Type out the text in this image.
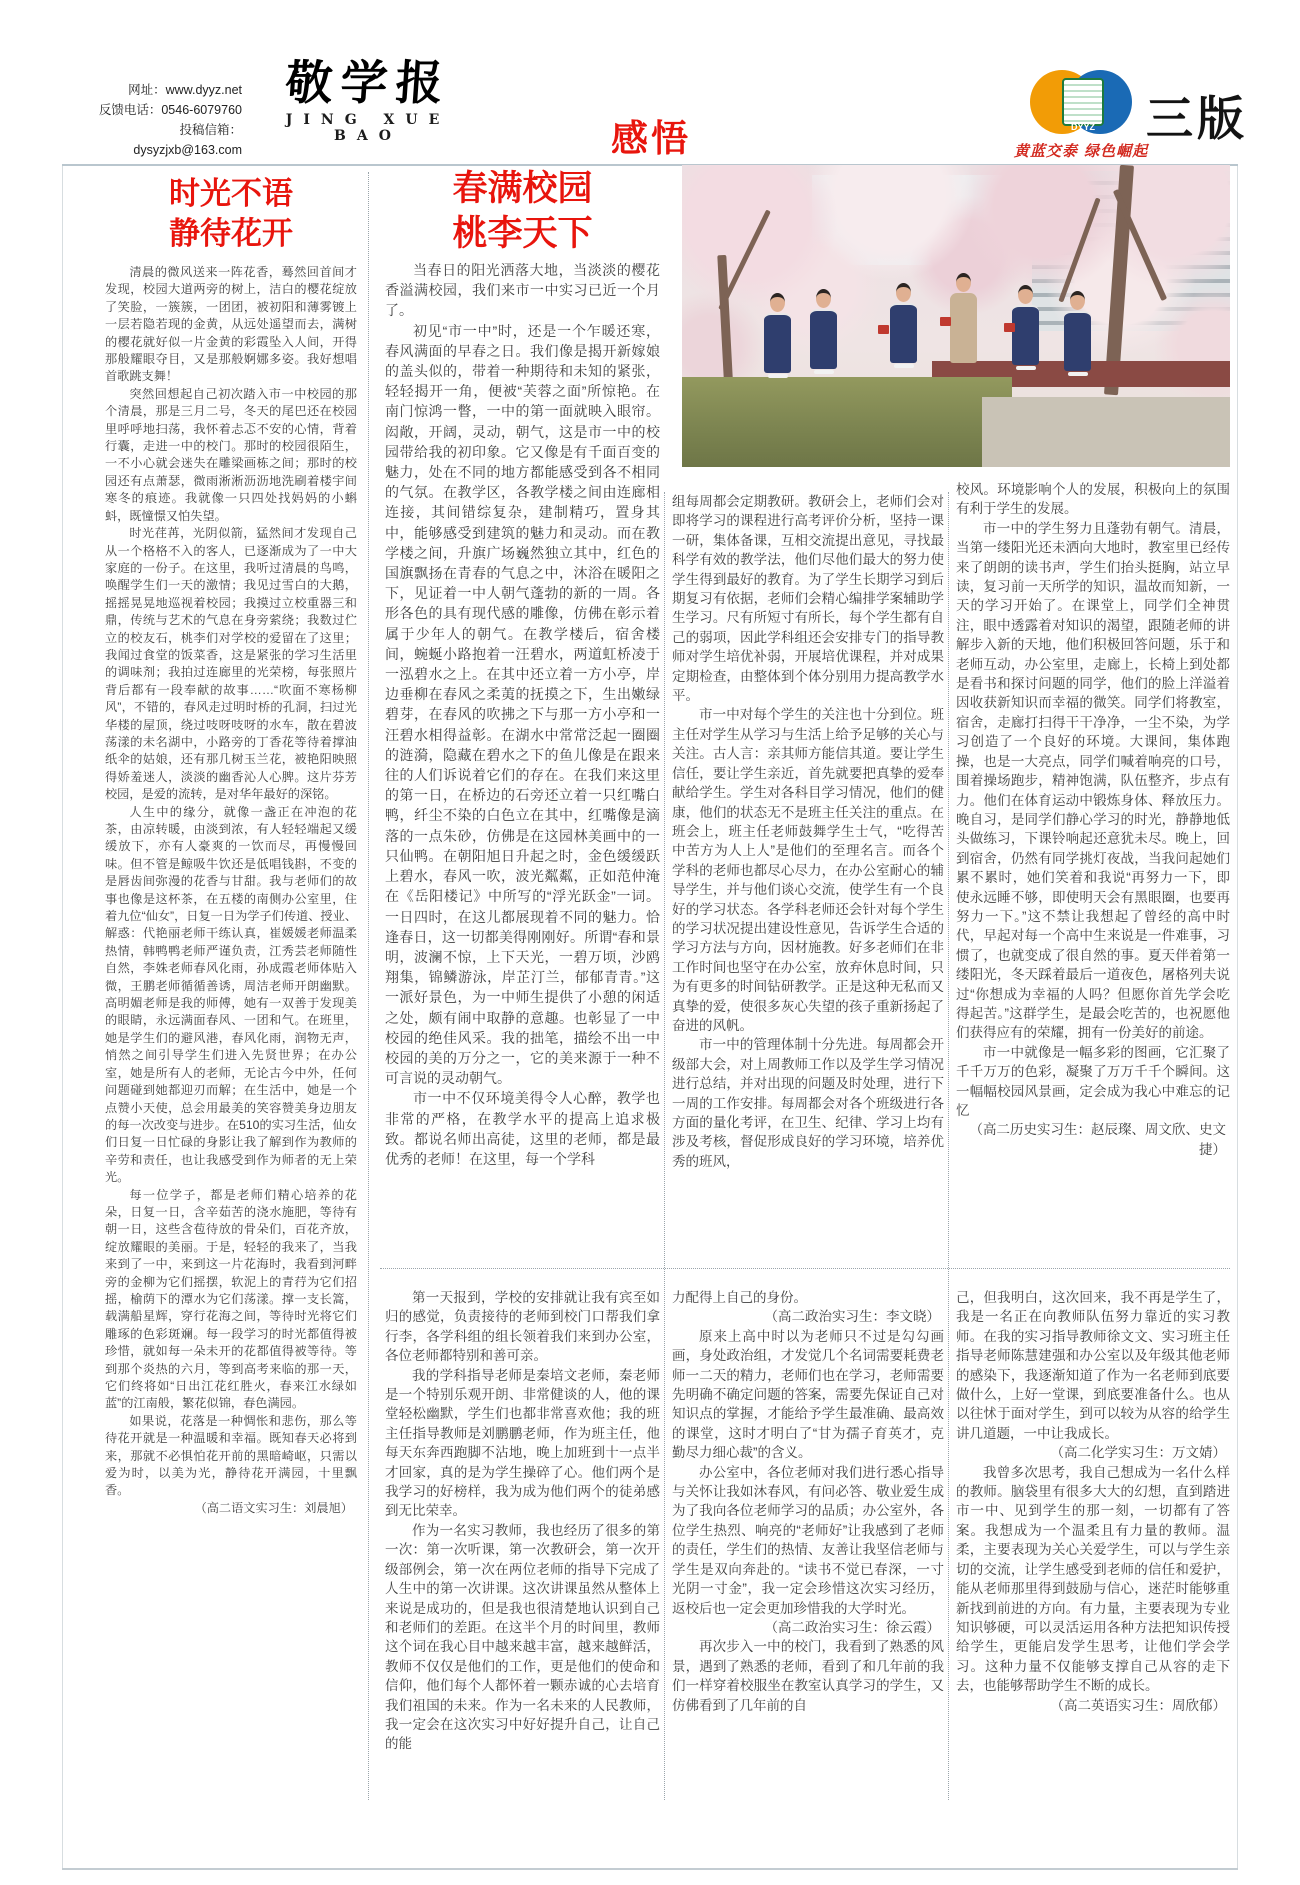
网址：www.dyyz.net
反馈电话：0546-6079760
投稿信箱：dysyzjxb@163.com
敬学报
JING XUE BAO	感悟	DYYZ
黄蓝交泰 绿色崛起
三版
时光不语
静待花开

清晨的微风送来一阵花香，蓦然回首间才发现，校园大道两旁的树上，洁白的樱花绽放了笑脸，一簇簇，一团团，被初阳和薄雾镀上一层若隐若现的金黄，从远处遥望而去，满树的樱花就好似一片金黄的彩霞坠入人间，开得那般耀眼夺目，又是那般婀娜多姿。我好想唱首歌跳支舞！

突然回想起自己初次踏入市一中校园的那个清晨，那是三月二号，冬天的尾巴还在校园里呼呼地扫荡，我怀着忐忑不安的心情，背着行囊，走进一中的校门。那时的校园很陌生，一不小心就会迷失在雕梁画栋之间；那时的校园还有点萧瑟，微雨淅淅沥沥地洗刷着楼宇间寒冬的痕迹。我就像一只四处找妈妈的小蝌蚪，既憧憬又怕失望。

时光荏苒，光阴似箭，猛然间才发现自己从一个格格不入的客人，已逐渐成为了一中大家庭的一份子。在这里，我听过清晨的鸟鸣，唤醒学生们一天的激情；我见过雪白的大鹅，摇摇晃晃地巡视着校园；我摸过立校重器三和鼎，传统与艺术的气息在身旁萦绕；我数过伫立的校友石，桃李们对学校的爱留在了这里；我闻过食堂的饭菜香，这是紧张的学习生活里的调味剂；我拍过连廊里的光荣榜，每张照片背后都有一段奉献的故事……“吹面不寒杨柳风”，不错的，春风走过明时桥的孔洞，扫过光华楼的屋顶，绕过吱呀吱呀的水车，散在碧波荡漾的未名湖中，小路旁的丁香花等待着撑油纸伞的姑娘，还有那几树玉兰花，被艳阳映照得娇羞迷人，淡淡的幽香沁人心脾。这片芬芳校园，是爱的流转，是对华年最好的深铭。

人生中的缘分，就像一盏正在冲泡的花茶，由凉转暖，由淡到浓，有人轻轻端起又缓缓放下，亦有人豪爽的一饮而尽，再慢慢回味。但不管是鲸吸牛饮还是低唱钱斟，不变的是唇齿间弥漫的花香与甘甜。我与老师们的故事也像是这杯茶，在五楼的南侧办公室里，住着九位“仙女”，日复一日为学子们传道、授业、解惑：代艳丽老师干练认真，崔媛媛老师温柔热情，韩鸭鸭老师严谨负责，江秀芸老师随性自然，李姝老师春风化雨，孙成霞老师体贴入微，王鹏老师循循善诱，周洁老师开朗幽默。高明媚老师是我的师傅，她有一双善于发现美的眼睛，永远满面春风、一团和气。在班里，她是学生们的避风港，春风化雨，润物无声，悄然之间引导学生们进入先贤世界；在办公室，她是所有人的老师，无论古今中外，任何问题碰到她都迎刃而解；在生活中，她是一个点赞小天使，总会用最美的笑容赞美身边朋友的每一次改变与进步。在510的实习生活，仙女们日复一日忙碌的身影让我了解到作为教师的辛劳和责任，也让我感受到作为师者的无上荣光。

每一位学子，都是老师们精心培养的花朵，日复一日，含辛茹苦的浇水施肥，等待有朝一日，这些含苞待放的骨朵们，百花齐放，绽放耀眼的美丽。于是，轻轻的我来了，当我来到了一中，来到这一片花海时，我看到河畔旁的金柳为它们摇摆，软泥上的青荇为它们招摇，榆荫下的潭水为它们荡漾。撑一支长篙，载满船星辉，穿行花海之间，等待时光将它们雕琢的色彩斑斓。每一段学习的时光都值得被珍惜，就如每一朵未开的花都值得被等待。等到那个炎热的六月，等到高考来临的那一天，它们终将如“日出江花红胜火，春来江水绿如蓝”的江南般，繁花似锦，春色满园。

如果说，花落是一种惆怅和悲伤，那么等待花开就是一种温暖和幸福。既知春天必将到来，那就不必惧怕花开前的黑暗崎岖，只需以爱为时，以美为光，静待花开满园，十里飘香。

（高二语文实习生：刘晨旭）

春满校园
桃李天下

当春日的阳光洒落大地，当淡淡的樱花香溢满校园，我们来市一中实习已近一个月了。

初见“市一中”时，还是一个乍暖还寒，春风满面的早春之日。我们像是揭开新嫁娘的盖头似的，带着一种期待和未知的紧张，轻轻揭开一角，便被“芙蓉之面”所惊艳。在南门惊鸿一瞥，一中的第一面就映入眼帘。闳敞，开阔，灵动，朝气，这是市一中的校园带给我的初印象。它又像是有千面百变的魅力，处在不同的地方都能感受到各不相同的气氛。在教学区，各教学楼之间由连廊相连接，其间错综复杂，建制精巧，置身其中，能够感受到建筑的魅力和灵动。而在教学楼之间，升旗广场巍然独立其中，红色的国旗飘扬在青春的气息之中，沐浴在暖阳之下，见证着一中人朝气蓬勃的新的一周。各形各色的具有现代感的雕像，仿佛在彰示着属于少年人的朝气。在教学楼后，宿舍楼间，蜿蜒小路抱着一汪碧水，两道虹桥凌于一泓碧水之上。在其中还立着一方小亭，岸边垂柳在春风之柔荑的抚摸之下，生出嫩绿碧芽，在春风的吹拂之下与那一方小亭和一汪碧水相得益彰。在湖水中常常泛起一圈圈的涟漪，隐藏在碧水之下的鱼儿像是在跟来往的人们诉说着它们的存在。在我们来这里的第一日，在桥边的石旁还立着一只红嘴白鸭，纤尘不染的白色立在其中，红嘴像是滴落的一点朱砂，仿佛是在这园林美画中的一只仙鸭。在朝阳旭日升起之时，金色缓缓跃上碧水，春风一吹，波光粼粼，正如范仲淹在《岳阳楼记》中所写的“浮光跃金”一词。一日四时，在这儿都展现着不同的魅力。恰逢春日，这一切都美得刚刚好。所谓“春和景明，波澜不惊，上下天光，一碧万顷，沙鸥翔集，锦鳞游泳，岸芷汀兰，郁郁青青。”这一派好景色，为一中师生提供了小憩的闲适之处，颇有闹中取静的意趣。也彰显了一中校园的绝佳风采。我的拙笔，描绘不出一中校园的美的万分之一，它的美来源于一种不可言说的灵动朝气。

市一中不仅环境美得令人心醉，教学也非常的严格，在教学水平的提高上追求极致。都说名师出高徒，这里的老师，都是最优秀的老师！在这里，每一个学科

组每周都会定期教研。教研会上，老师们会对即将学习的课程进行高考评价分析，坚持一课一研，集体备课，互相交流提出意见，寻找最科学有效的教学法，他们尽他们最大的努力使学生得到最好的教育。为了学生长期学习到后期复习有依据，老师们会精心编排学案辅助学生学习。尺有所短寸有所长，每个学生都有自己的弱项，因此学科组还会安排专门的指导教师对学生培优补弱，开展培优课程，并对成果定期检查，由整体到个体分别用力提高教学水平。

市一中对每个学生的关注也十分到位。班主任对学生从学习与生活上给予足够的关心与关注。古人言：亲其师方能信其道。要让学生信任，要让学生亲近，首先就要把真挚的爱奉献给学生。学生对各科目学习情况，他们的健康，他们的状态无不是班主任关注的重点。在班会上，班主任老师鼓舞学生士气，“吃得苦中苦方为人上人”是他们的至理名言。而各个学科的老师也都尽心尽力，在办公室耐心的辅导学生，并与他们谈心交流，使学生有一个良好的学习状态。各学科老师还会针对每个学生的学习状况提出建设性意见，告诉学生合适的学习方法与方向，因材施教。好多老师们在非工作时间也坚守在办公室，放弃休息时间，只为有更多的时间钻研教学。正是这种无私而又真挚的爱，使很多灰心失望的孩子重新扬起了奋进的风帆。

市一中的管理体制十分先进。每周都会开级部大会，对上周教师工作以及学生学习情况进行总结，并对出现的问题及时处理，进行下一周的工作安排。每周都会对各个班级进行各方面的量化考评，在卫生、纪律、学习上均有涉及考核，督促形成良好的学习环境，培养优秀的班风，

校风。环境影响个人的发展，积极向上的氛围有利于学生的发展。

市一中的学生努力且蓬勃有朝气。清晨，当第一缕阳光还未洒向大地时，教室里已经传来了朗朗的读书声，学生们抬头挺胸，站立早读，复习前一天所学的知识，温故而知新，一天的学习开始了。在课堂上，同学们全神贯注，眼中透露着对知识的渴望，跟随老师的讲解步入新的天地，他们积极回答问题，乐于和老师互动，办公室里，走廊上，长椅上到处都是看书和探讨问题的同学，他们的脸上洋溢着因收获新知识而幸福的微笑。同学们将教室，宿舍，走廊打扫得干干净净，一尘不染，为学习创造了一个良好的环境。大课间，集体跑操，也是一大亮点，同学们喊着响亮的口号，围着操场跑步，精神饱满，队伍整齐，步点有力。他们在体育运动中锻炼身体、释放压力。晚自习，是同学们静心学习的时光，静静地低头做练习，下课铃响起还意犹未尽。晚上，回到宿舍，仍然有同学挑灯夜战，当我问起她们累不累时，她们笑着和我说“再努力一下，即使永远睡不够，即使明天会有黑眼圈，也要再努力一下。”这不禁让我想起了曾经的高中时代，早起对每一个高中生来说是一件难事，习惯了，也就变成了很自然的事。夏天伴着第一缕阳光，冬天踩着最后一道夜色，屠格列夫说过“你想成为幸福的人吗？但愿你首先学会吃得起苦。”这群学生，是最会吃苦的，也祝愿他们获得应有的荣耀，拥有一份美好的前途。

市一中就像是一幅多彩的图画，它汇聚了千千万万的色彩，凝聚了万万千千个瞬间。这一幅幅校园风景画，定会成为我心中难忘的记忆

（高二历史实习生：赵辰璨、周文欣、史文捷）

第一天报到，学校的安排就让我有宾至如归的感觉，负责接待的老师到校门口帮我们拿行李，各学科组的组长领着我们来到办公室，各位老师都特别和善可亲。

我的学科指导老师是秦培文老师，秦老师是一个特别乐观开朗、非常健谈的人，他的课堂轻松幽默，学生们也都非常喜欢他；我的班主任指导教师是刘鹏鹏老师，作为班主任，他每天东奔西跑脚不沾地，晚上加班到十一点半才回家，真的是为学生操碎了心。他们两个是我学习的好榜样，我为成为他们两个的徒弟感到无比荣幸。

作为一名实习教师，我也经历了很多的第一次：第一次听课，第一次教研会，第一次开级部例会，第一次在两位老师的指导下完成了人生中的第一次讲课。这次讲课虽然从整体上来说是成功的，但是我也很清楚地认识到自己和老师们的差距。在这半个月的时间里，教师这个词在我心目中越来越丰富，越来越鲜活，教师不仅仅是他们的工作，更是他们的使命和信仰，他们每个人都怀着一颗赤诚的心去培育我们祖国的未来。作为一名未来的人民教师，我一定会在这次实习中好好提升自己，让自己的能

力配得上自己的身份。

（高二政治实习生：李文晓）

原来上高中时以为老师只不过是勾勾画画，身处政治组，才发觉几个名词需要耗费老师一二天的精力，老师们也在学习，老师需要先明确不确定问题的答案，需要先保证自己对知识点的掌握，才能给予学生最准确、最高效的课堂，这时才明白了“甘为孺子育英才，克勤尽力细心裁”的含义。

办公室中，各位老师对我们进行悉心指导与关怀让我如沐春风，有问必答、敬业爱生成为了我向各位老师学习的品质；办公室外，各位学生热烈、响亮的“老师好”让我感到了老师的责任，学生们的热情、友善让我坚信老师与学生是双向奔赴的。“读书不觉已春深，一寸光阴一寸金”，我一定会珍惜这次实习经历，返校后也一定会更加珍惜我的大学时光。

（高二政治实习生：徐云霞）

再次步入一中的校门，我看到了熟悉的风景，遇到了熟悉的老师，看到了和几年前的我们一样穿着校服坐在教室认真学习的学生，又仿佛看到了几年前的自

己，但我明白，这次回来，我不再是学生了，我是一名正在向教师队伍努力靠近的实习教师。在我的实习指导教师徐文文、实习班主任指导老师陈慧建强和办公室以及年级其他老师的感染下，我逐渐知道了作为一名老师到底要做什么，上好一堂课，到底要准备什么。也从以往怵于面对学生，到可以较为从容的给学生讲几道题，一中让我成长。

（高二化学实习生：万文婧）

我曾多次思考，我自己想成为一名什么样的教师。脑袋里有很多大大的幻想，直到踏进市一中、见到学生的那一刻，一切都有了答案。我想成为一个温柔且有力量的教师。温柔，主要表现为关心关爱学生，可以与学生亲切的交流，让学生感受到老师的信任和爱护，能从老师那里得到鼓励与信心，迷茫时能够重新找到前进的方向。有力量，主要表现为专业知识够硬，可以灵活运用各种方法把知识传授给学生，更能启发学生思考，让他们学会学习。这种力量不仅能够支撑自己从容的走下去，也能够帮助学生不断的成长。

（高二英语实习生：周欣郁）
